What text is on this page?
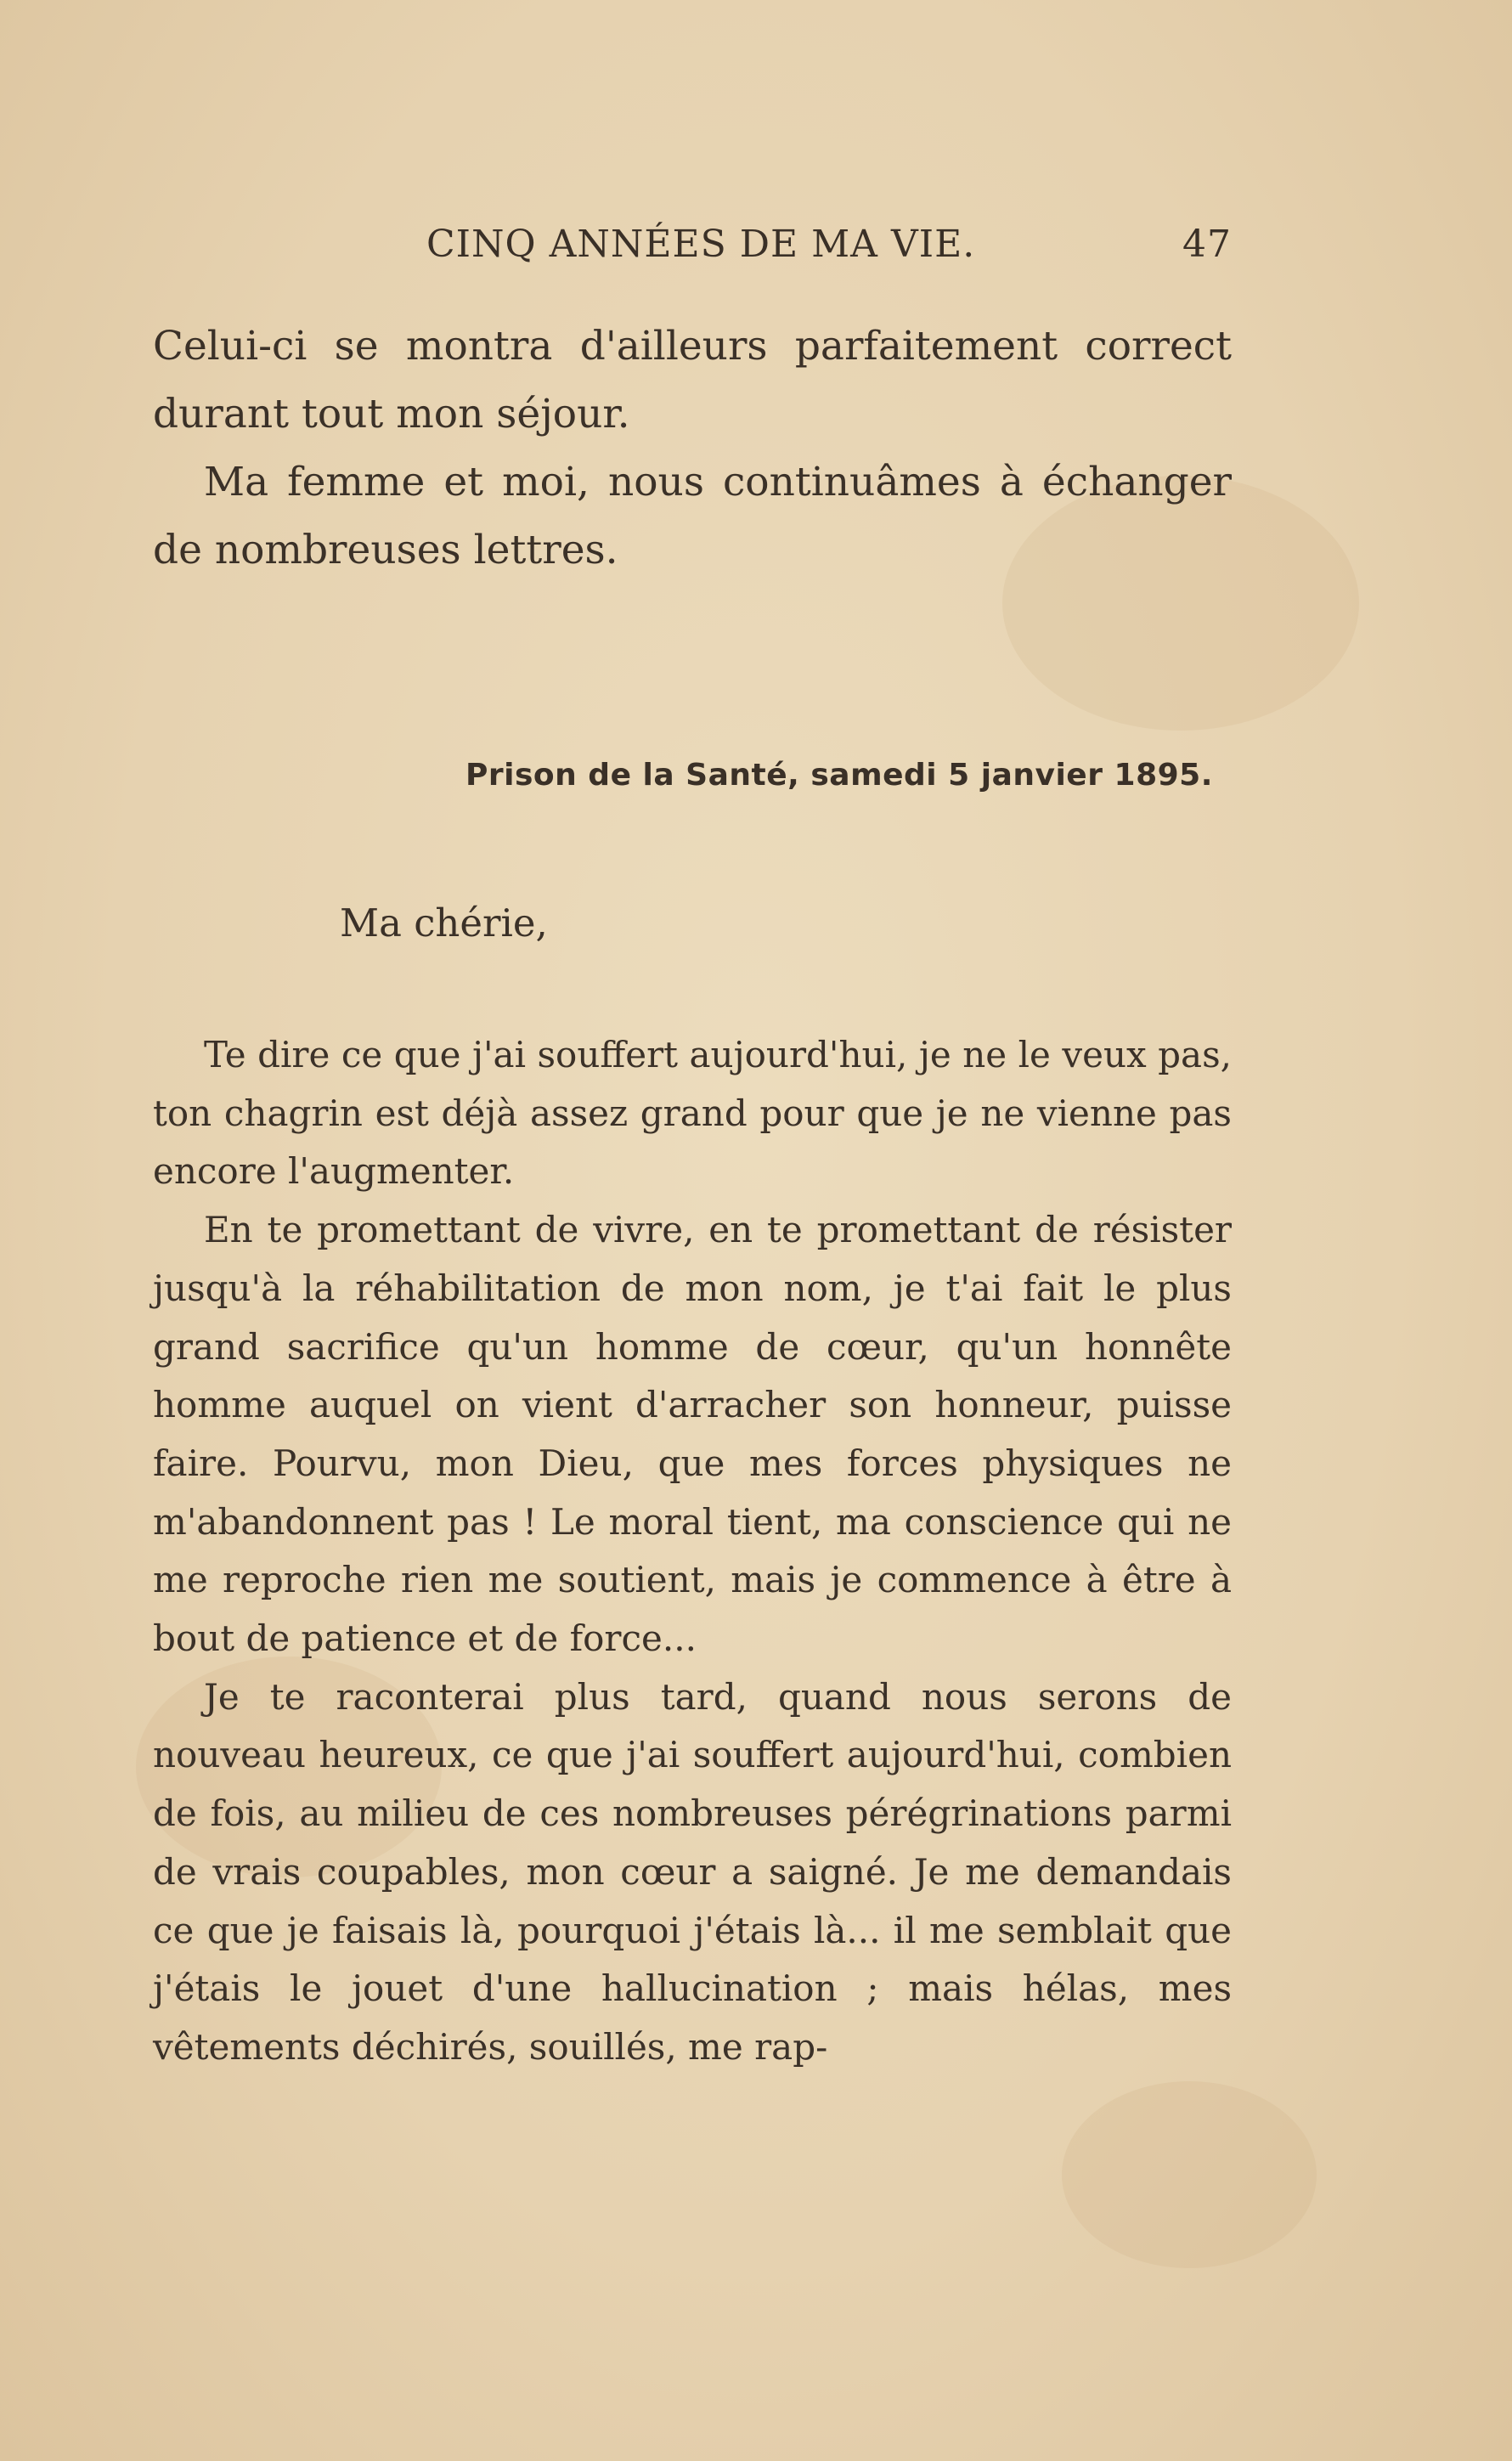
CINQ ANNÉES DE MA VIE.	47

Celui-ci se montra d'ailleurs parfaitement correct durant tout mon séjour.

Ma femme et moi, nous continuâmes à échanger de nombreuses lettres.

Prison de la Santé, samedi 5 janvier 1895.
Ma chérie,

Te dire ce que j'ai souffert aujourd'hui, je ne le veux pas, ton chagrin est déjà assez grand pour que je ne vienne pas encore l'augmenter.

En te promettant de vivre, en te promettant de résister jusqu'à la réhabilitation de mon nom, je t'ai fait le plus grand sacrifice qu'un homme de cœur, qu'un honnête homme auquel on vient d'arracher son honneur, puisse faire. Pourvu, mon Dieu, que mes forces physiques ne m'abandonnent pas ! Le moral tient, ma conscience qui ne me reproche rien me soutient, mais je commence à être à bout de patience et de force...

Je te raconterai plus tard, quand nous serons de nouveau heureux, ce que j'ai souffert aujourd'hui, combien de fois, au milieu de ces nombreuses pérégrinations parmi de vrais coupables, mon cœur a saigné. Je me demandais ce que je faisais là, pourquoi j'étais là... il me semblait que j'étais le jouet d'une hallucination ; mais hélas, mes vêtements déchirés, souillés, me rap-
